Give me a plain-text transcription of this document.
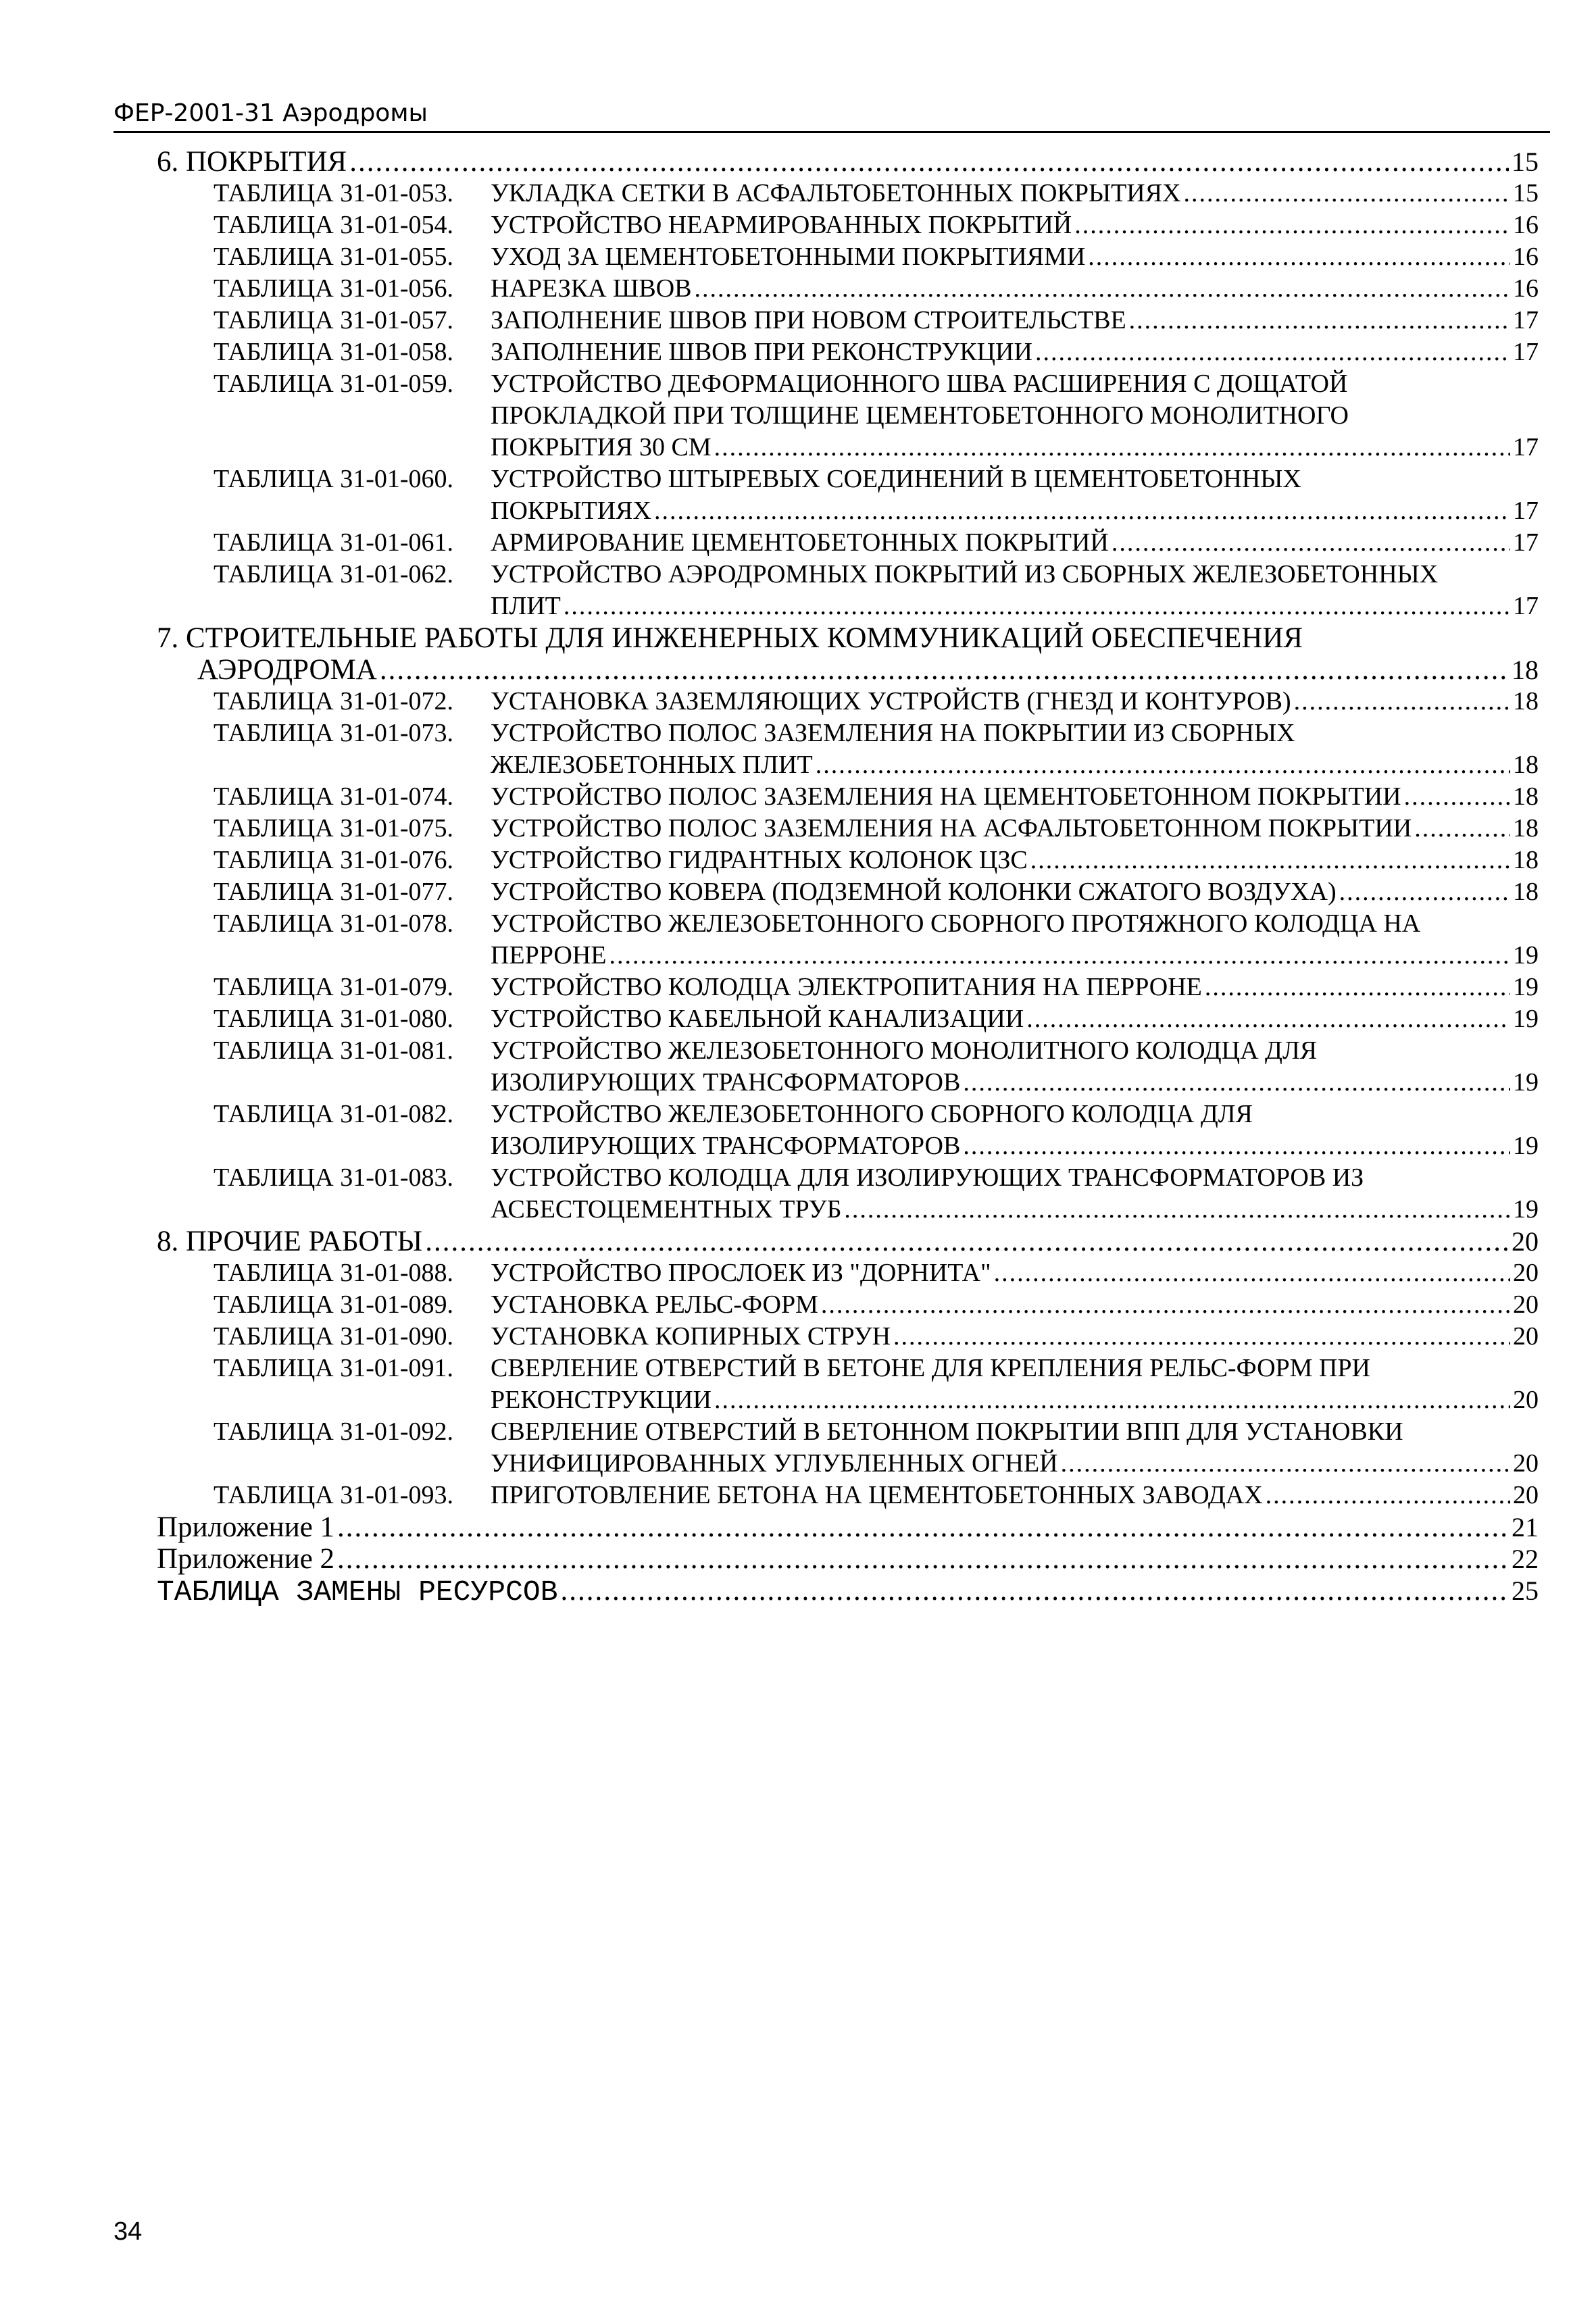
ФЕР-2001-31 Аэродромы
6. ПОКРЫТИЯ .....	15
ТАБЛИЦА 31-01-053.	УКЛАДКА СЕТКИ В АСФАЛЬТОБЕТОННЫХ ПОКРЫТИЯХ .....	15
ТАБЛИЦА 31-01-054.	УСТРОЙСТВО НЕАРМИРОВАННЫХ ПОКРЫТИЙ .....	16
ТАБЛИЦА 31-01-055.	УХОД ЗА ЦЕМЕНТОБЕТОННЫМИ ПОКРЫТИЯМИ .....	16
ТАБЛИЦА 31-01-056.	НАРЕЗКА ШВОВ .....	16
ТАБЛИЦА 31-01-057.	ЗАПОЛНЕНИЕ ШВОВ ПРИ НОВОМ СТРОИТЕЛЬСТВЕ .....	17
ТАБЛИЦА 31-01-058.	ЗАПОЛНЕНИЕ ШВОВ ПРИ РЕКОНСТРУКЦИИ .....	17
ТАБЛИЦА 31-01-059.	УСТРОЙСТВО ДЕФОРМАЦИОННОГО ШВА РАСШИРЕНИЯ С ДОЩАТОЙ
ПРОКЛАДКОЙ ПРИ ТОЛЩИНЕ ЦЕМЕНТОБЕТОННОГО МОНОЛИТНОГО
ПОКРЫТИЯ 30 СМ .....	17
ТАБЛИЦА 31-01-060.	УСТРОЙСТВО ШТЫРЕВЫХ СОЕДИНЕНИЙ В ЦЕМЕНТОБЕТОННЫХ
ПОКРЫТИЯХ .....	17
ТАБЛИЦА 31-01-061.	АРМИРОВАНИЕ ЦЕМЕНТОБЕТОННЫХ ПОКРЫТИЙ .....	17
ТАБЛИЦА 31-01-062.	УСТРОЙСТВО АЭРОДРОМНЫХ ПОКРЫТИЙ ИЗ СБОРНЫХ ЖЕЛЕЗОБЕТОННЫХ
ПЛИТ .....	17
7. СТРОИТЕЛЬНЫЕ РАБОТЫ ДЛЯ ИНЖЕНЕРНЫХ КОММУНИКАЦИЙ ОБЕСПЕЧЕНИЯ
АЭРОДРОМА .....	18
ТАБЛИЦА 31-01-072.	УСТАНОВКА ЗАЗЕМЛЯЮЩИХ УСТРОЙСТВ (ГНЕЗД И КОНТУРОВ) .....	18
ТАБЛИЦА 31-01-073.	УСТРОЙСТВО ПОЛОС ЗАЗЕМЛЕНИЯ НА ПОКРЫТИИ ИЗ СБОРНЫХ
ЖЕЛЕЗОБЕТОННЫХ ПЛИТ .....	18
ТАБЛИЦА 31-01-074.	УСТРОЙСТВО ПОЛОС ЗАЗЕМЛЕНИЯ НА ЦЕМЕНТОБЕТОННОМ ПОКРЫТИИ .....	18
ТАБЛИЦА 31-01-075.	УСТРОЙСТВО ПОЛОС ЗАЗЕМЛЕНИЯ НА АСФАЛЬТОБЕТОННОМ ПОКРЫТИИ .....	18
ТАБЛИЦА 31-01-076.	УСТРОЙСТВО ГИДРАНТНЫХ КОЛОНОК ЦЗС .....	18
ТАБЛИЦА 31-01-077.	УСТРОЙСТВО КОВЕРА (ПОДЗЕМНОЙ КОЛОНКИ СЖАТОГО ВОЗДУХА) .....	18
ТАБЛИЦА 31-01-078.	УСТРОЙСТВО ЖЕЛЕЗОБЕТОННОГО СБОРНОГО ПРОТЯЖНОГО КОЛОДЦА НА
ПЕРРОНЕ .....	19
ТАБЛИЦА 31-01-079.	УСТРОЙСТВО КОЛОДЦА ЭЛЕКТРОПИТАНИЯ НА ПЕРРОНЕ .....	19
ТАБЛИЦА 31-01-080.	УСТРОЙСТВО КАБЕЛЬНОЙ КАНАЛИЗАЦИИ .....	19
ТАБЛИЦА 31-01-081.	УСТРОЙСТВО ЖЕЛЕЗОБЕТОННОГО МОНОЛИТНОГО КОЛОДЦА ДЛЯ
ИЗОЛИРУЮЩИХ ТРАНСФОРМАТОРОВ .....	19
ТАБЛИЦА 31-01-082.	УСТРОЙСТВО ЖЕЛЕЗОБЕТОННОГО СБОРНОГО КОЛОДЦА ДЛЯ
ИЗОЛИРУЮЩИХ ТРАНСФОРМАТОРОВ .....	19
ТАБЛИЦА 31-01-083.	УСТРОЙСТВО КОЛОДЦА ДЛЯ ИЗОЛИРУЮЩИХ ТРАНСФОРМАТОРОВ ИЗ
АСБЕСТОЦЕМЕНТНЫХ ТРУБ .....	19
8. ПРОЧИЕ РАБОТЫ .....	20
ТАБЛИЦА 31-01-088.	УСТРОЙСТВО ПРОСЛОЕК ИЗ "ДОРНИТА" .....	20
ТАБЛИЦА 31-01-089.	УСТАНОВКА РЕЛЬС-ФОРМ .....	20
ТАБЛИЦА 31-01-090.	УСТАНОВКА КОПИРНЫХ СТРУН .....	20
ТАБЛИЦА 31-01-091.	СВЕРЛЕНИЕ ОТВЕРСТИЙ В БЕТОНЕ ДЛЯ КРЕПЛЕНИЯ РЕЛЬС-ФОРМ ПРИ
РЕКОНСТРУКЦИИ .....	20
ТАБЛИЦА 31-01-092.	СВЕРЛЕНИЕ ОТВЕРСТИЙ В БЕТОННОМ ПОКРЫТИИ ВПП ДЛЯ УСТАНОВКИ
УНИФИЦИРОВАННЫХ УГЛУБЛЕННЫХ ОГНЕЙ .....	20
ТАБЛИЦА 31-01-093.	ПРИГОТОВЛЕНИЕ БЕТОНА НА ЦЕМЕНТОБЕТОННЫХ ЗАВОДАХ .....	20
Приложение 1 .....	21
Приложение 2 .....	22
ТАБЛИЦА ЗАМЕНЫ РЕСУРСОВ .....	25
34
